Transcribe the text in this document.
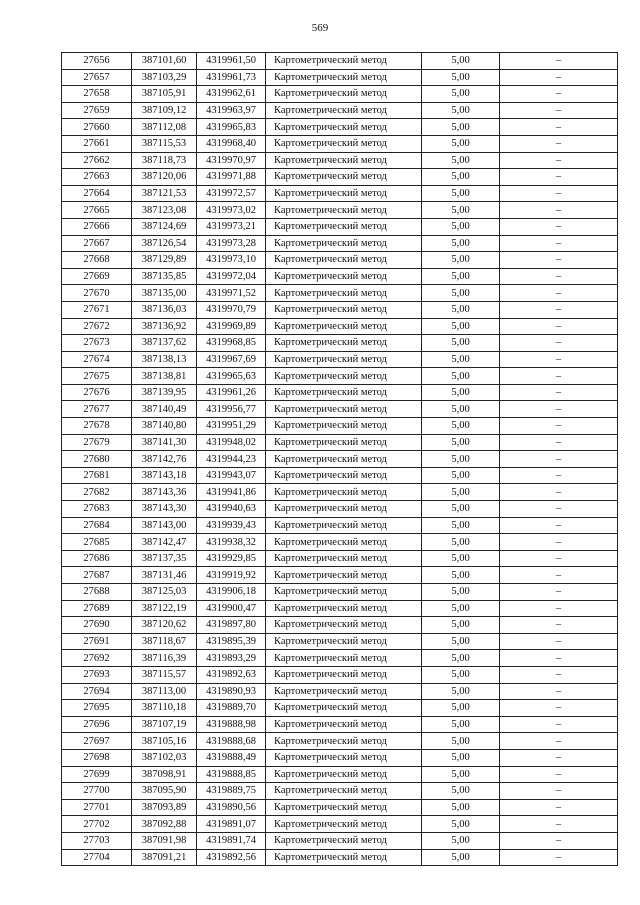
569
27656	387101,60	4319961,50	Картометрический метод	5,00	–
27657	387103,29	4319961,73	Картометрический метод	5,00	–
27658	387105,91	4319962,61	Картометрический метод	5,00	–
27659	387109,12	4319963,97	Картометрический метод	5,00	–
27660	387112,08	4319965,83	Картометрический метод	5,00	–
27661	387115,53	4319968,40	Картометрический метод	5,00	–
27662	387118,73	4319970,97	Картометрический метод	5,00	–
27663	387120,06	4319971,88	Картометрический метод	5,00	–
27664	387121,53	4319972,57	Картометрический метод	5,00	–
27665	387123,08	4319973,02	Картометрический метод	5,00	–
27666	387124,69	4319973,21	Картометрический метод	5,00	–
27667	387126,54	4319973,28	Картометрический метод	5,00	–
27668	387129,89	4319973,10	Картометрический метод	5,00	–
27669	387135,85	4319972,04	Картометрический метод	5,00	–
27670	387135,00	4319971,52	Картометрический метод	5,00	–
27671	387136,03	4319970,79	Картометрический метод	5,00	–
27672	387136,92	4319969,89	Картометрический метод	5,00	–
27673	387137,62	4319968,85	Картометрический метод	5,00	–
27674	387138,13	4319967,69	Картометрический метод	5,00	–
27675	387138,81	4319965,63	Картометрический метод	5,00	–
27676	387139,95	4319961,26	Картометрический метод	5,00	–
27677	387140,49	4319956,77	Картометрический метод	5,00	–
27678	387140,80	4319951,29	Картометрический метод	5,00	–
27679	387141,30	4319948,02	Картометрический метод	5,00	–
27680	387142,76	4319944,23	Картометрический метод	5,00	–
27681	387143,18	4319943,07	Картометрический метод	5,00	–
27682	387143,36	4319941,86	Картометрический метод	5,00	–
27683	387143,30	4319940,63	Картометрический метод	5,00	–
27684	387143,00	4319939,43	Картометрический метод	5,00	–
27685	387142,47	4319938,32	Картометрический метод	5,00	–
27686	387137,35	4319929,85	Картометрический метод	5,00	–
27687	387131,46	4319919,92	Картометрический метод	5,00	–
27688	387125,03	4319906,18	Картометрический метод	5,00	–
27689	387122,19	4319900,47	Картометрический метод	5,00	–
27690	387120,62	4319897,80	Картометрический метод	5,00	–
27691	387118,67	4319895,39	Картометрический метод	5,00	–
27692	387116,39	4319893,29	Картометрический метод	5,00	–
27693	387115,57	4319892,63	Картометрический метод	5,00	–
27694	387113,00	4319890,93	Картометрический метод	5,00	–
27695	387110,18	4319889,70	Картометрический метод	5,00	–
27696	387107,19	4319888,98	Картометрический метод	5,00	–
27697	387105,16	4319888,68	Картометрический метод	5,00	–
27698	387102,03	4319888,49	Картометрический метод	5,00	–
27699	387098,91	4319888,85	Картометрический метод	5,00	–
27700	387095,90	4319889,75	Картометрический метод	5,00	–
27701	387093,89	4319890,56	Картометрический метод	5,00	–
27702	387092,88	4319891,07	Картометрический метод	5,00	–
27703	387091,98	4319891,74	Картометрический метод	5,00	–
27704	387091,21	4319892,56	Картометрический метод	5,00	–
